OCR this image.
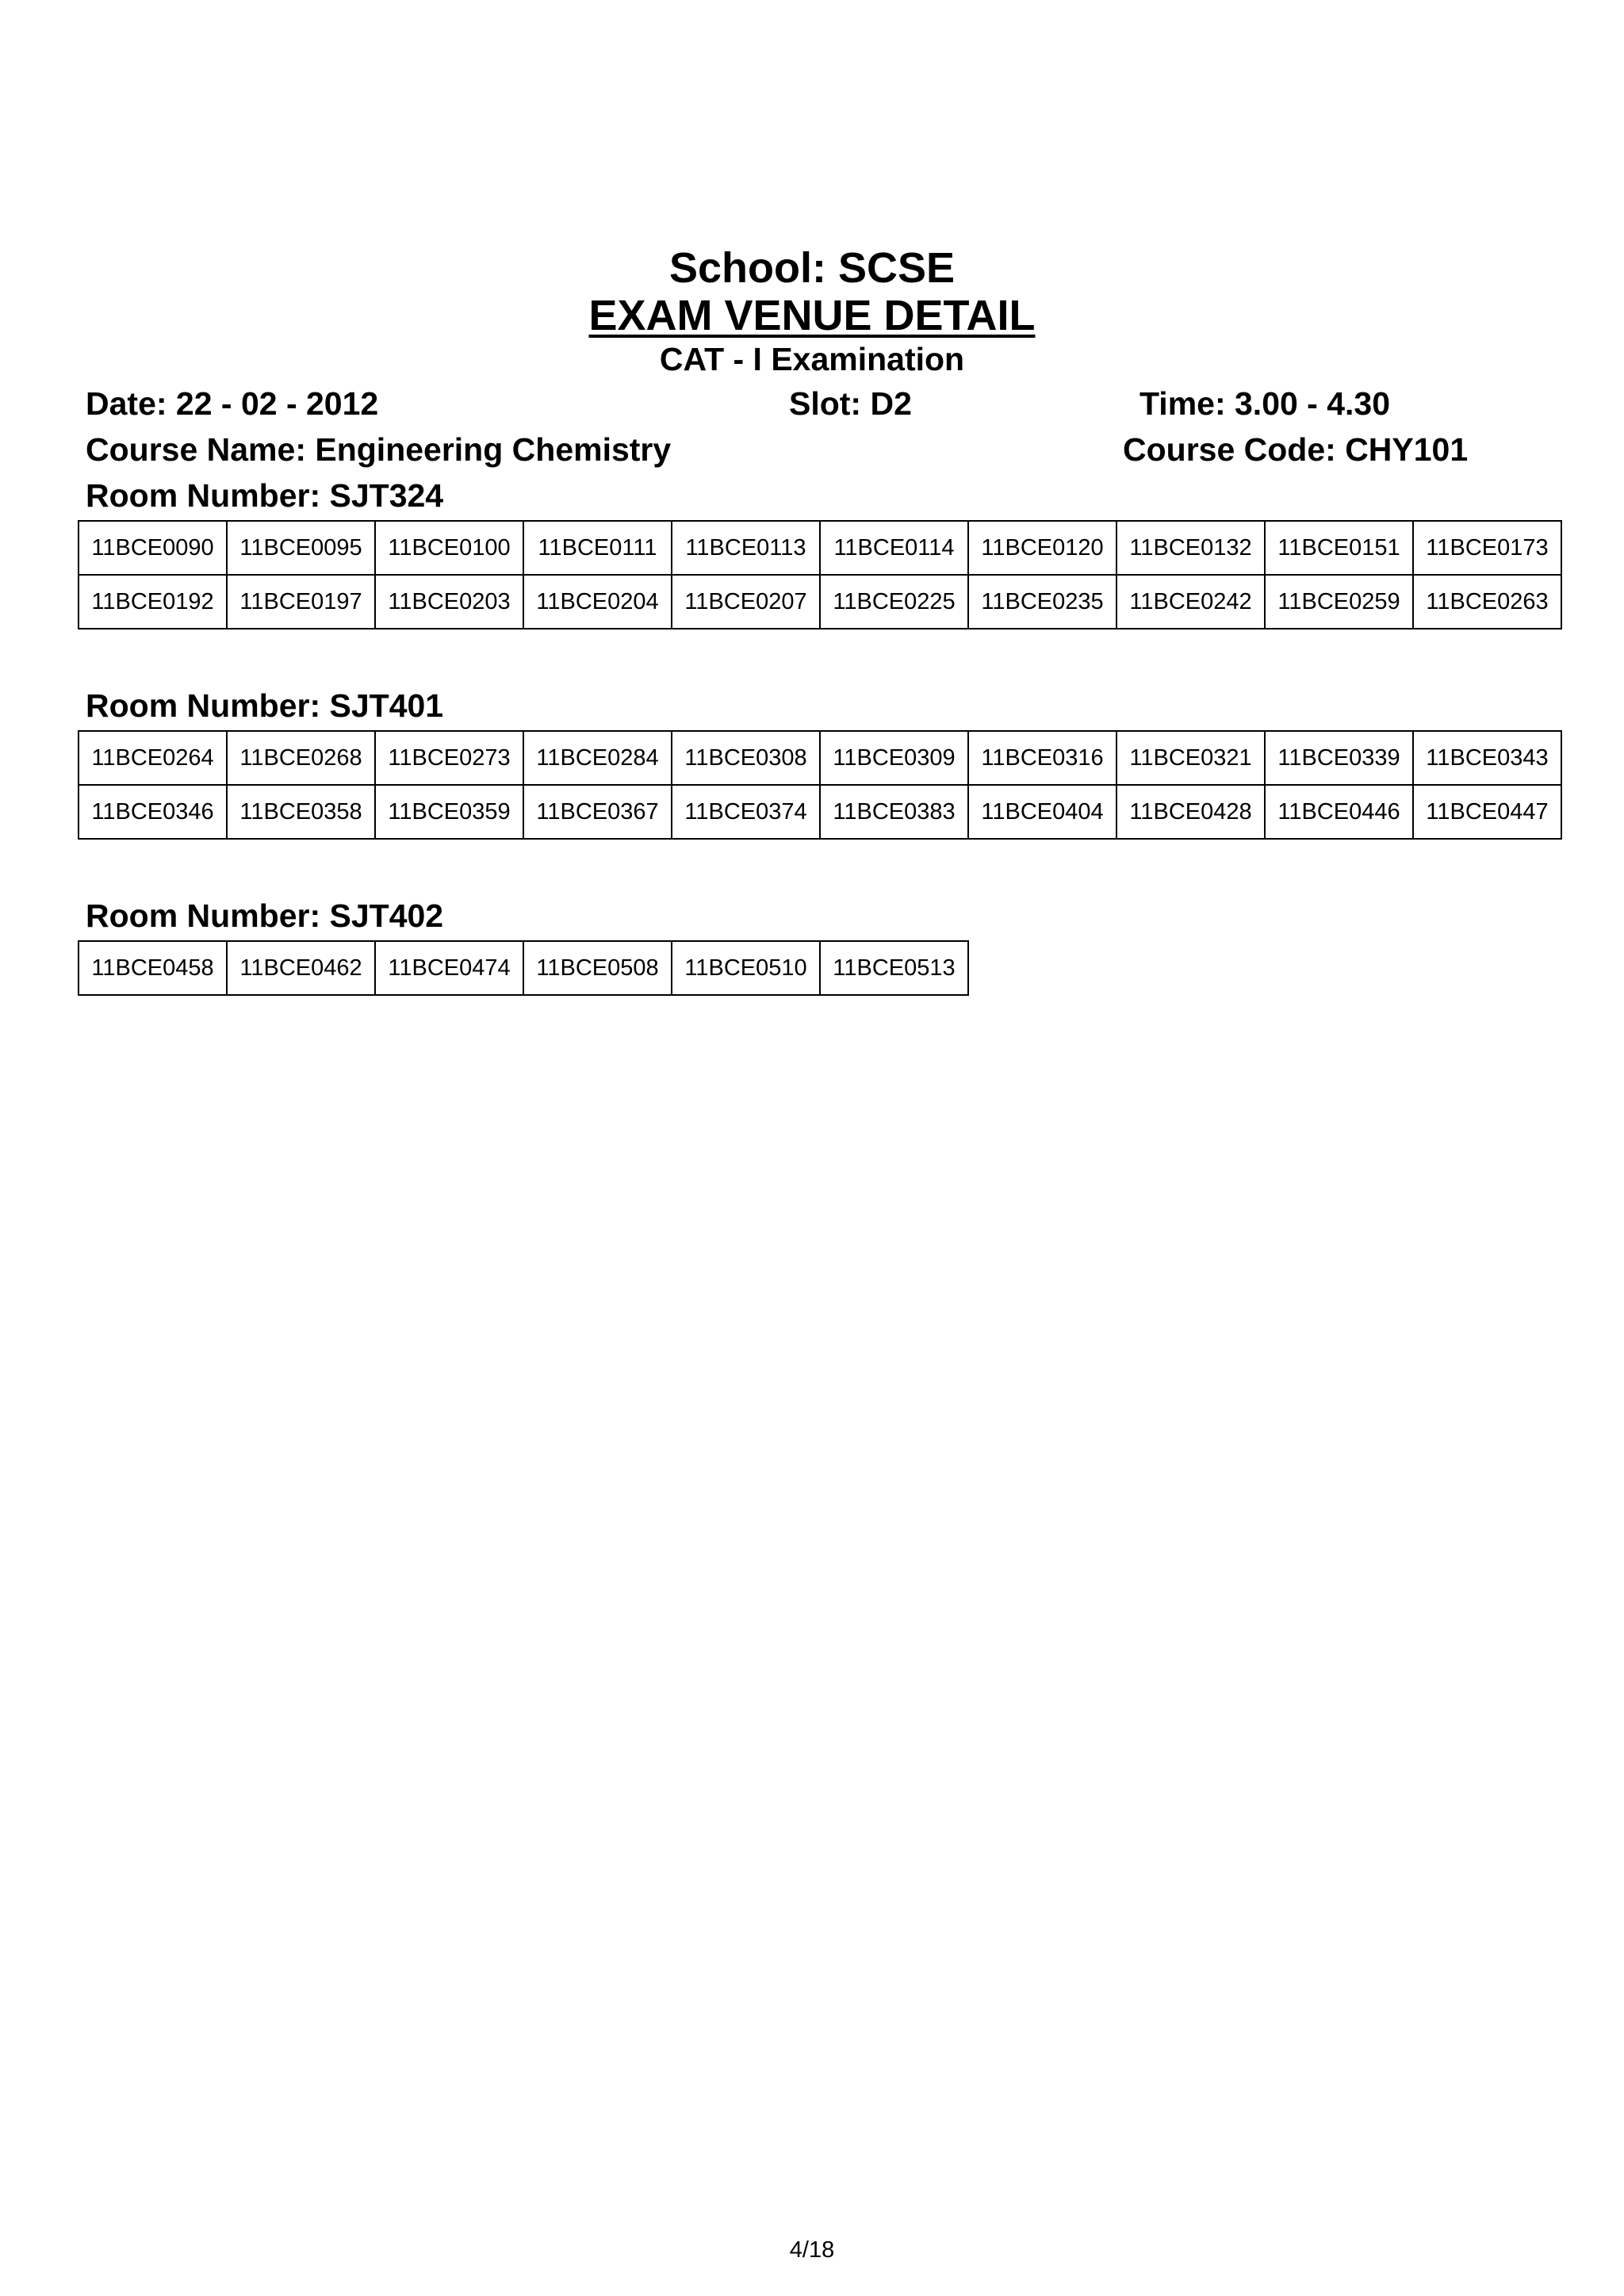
School: SCSE
EXAM VENUE DETAIL
CAT - I Examination

Date: 22 - 02 - 2012	Slot: D2	Time: 3.00 - 4.30

Course Name: Engineering Chemistry	Course Code: CHY101

Room Number: SJT324

11BCE0090	11BCE0095	11BCE0100	11BCE0111	11BCE0113	11BCE0114	11BCE0120	11BCE0132	11BCE0151	11BCE0173
11BCE0192	11BCE0197	11BCE0203	11BCE0204	11BCE0207	11BCE0225	11BCE0235	11BCE0242	11BCE0259	11BCE0263

Room Number: SJT401

11BCE0264	11BCE0268	11BCE0273	11BCE0284	11BCE0308	11BCE0309	11BCE0316	11BCE0321	11BCE0339	11BCE0343
11BCE0346	11BCE0358	11BCE0359	11BCE0367	11BCE0374	11BCE0383	11BCE0404	11BCE0428	11BCE0446	11BCE0447

Room Number: SJT402

11BCE0458	11BCE0462	11BCE0474	11BCE0508	11BCE0510	11BCE0513

4/18
